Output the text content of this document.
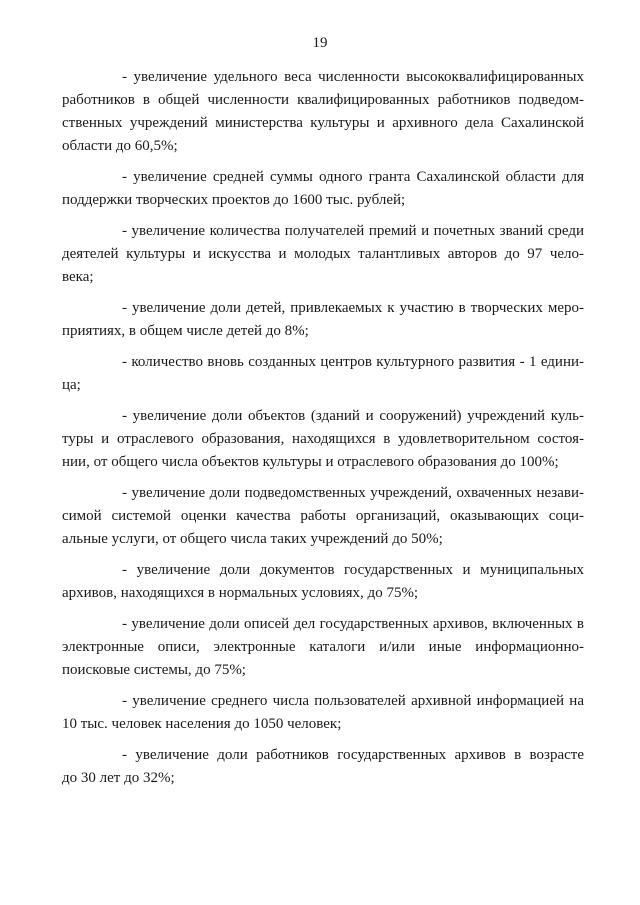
19
- увеличение удельного веса численности высококвалифицированных
работников в общей численности квалифицированных работников подведом-
ственных учреждений министерства культуры и архивного дела Сахалинской
области до 60,5%;
- увеличение средней суммы одного гранта Сахалинской области для
поддержки творческих проектов до 1600 тыс. рублей;
- увеличение количества получателей премий и почетных званий среди
деятелей культуры и искусства и молодых талантливых авторов до 97 чело-
века;
- увеличение доли детей, привлекаемых к участию в творческих меро-
приятиях, в общем числе детей до 8%;
- количество вновь созданных центров культурного развития - 1 едини-
ца;
- увеличение доли объектов (зданий и сооружений) учреждений куль-
туры и отраслевого образования, находящихся в удовлетворительном состоя-
нии, от общего числа объектов культуры и отраслевого образования до 100%;
- увеличение доли подведомственных учреждений, охваченных незави-
симой системой оценки качества работы организаций, оказывающих соци-
альные услуги, от общего числа таких учреждений до 50%;
- увеличение доли документов государственных и муниципальных
архивов, находящихся в нормальных условиях, до 75%;
- увеличение доли описей дел государственных архивов, включенных в
электронные описи, электронные каталоги и/или иные информационно-
поисковые системы, до 75%;
- увеличение среднего числа пользователей архивной информацией на
10 тыс. человек населения до 1050 человек;
- увеличение доли работников государственных архивов в возрасте
до 30 лет до 32%;
